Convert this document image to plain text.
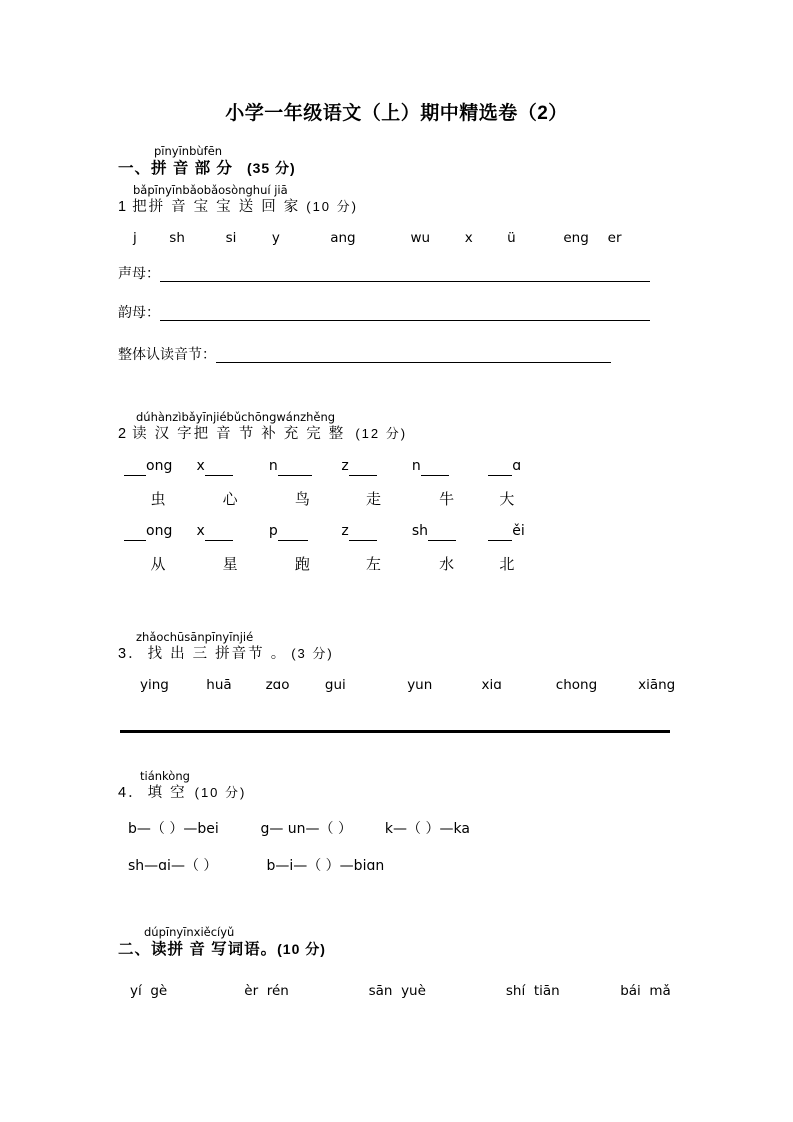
小学一年级语文（上）期中精选卷（2）
pīnyīnbùfēn
一、拼 音 部 分 (35 分)
bǎpīnyīnbǎobǎosònghuí jiā
1 把拼 音 宝 宝 送 回 家 (10 分)
j sh	si	y	ang	wu	x	ü	eng er
声母：
韵母：
整体认读音节：
dúhànzìbǎyīnjiébǔchōngwánzhěng
2 读 汉 字把 音 节 补 充 完 整 (12 分)
ong x	n	z	n	ɑ
虫	心	鸟	走	牛	大
ong x	p	z	sh	ěi
从	星	跑	左	水	北
zhǎochūsānpīnyīnjié
3． 找 出 三 拼音节 。 (3 分)
ying	huā	zɑo	gui	yun	xiɑ	chong	xiāng
tiánkòng
4． 填 空 (10 分)
b—（ ）—bei	g— un—（ ） k—（ ）—ka
sh—ɑi—（ ）	b—i—（ ）—biɑn
dúpīnyīnxiěcíyǔ
二、读拼 音 写词语。(10 分)
yí gè	èr rén	sān yuè	shí tiān	bái mǎ
